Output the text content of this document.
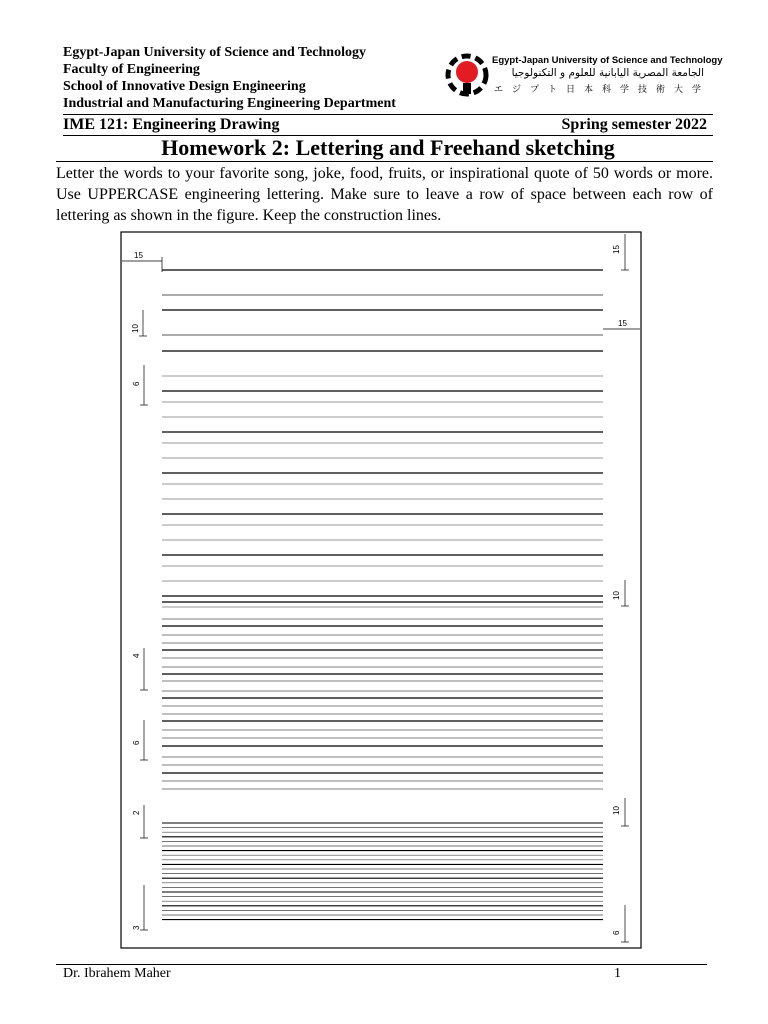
Egypt-Japan University of Science and Technology
Faculty of Engineering
School of Innovative Design Engineering
Industrial and Manufacturing Engineering Department
Egypt-Japan University of Science and Technology
الجامعة المصرية اليابانية للعلوم و التكنولوجيا
エジプト日本科学技術大学
IME 121: Engineering Drawing	Spring semester 2022
Homework 2: Lettering and Freehand sketching
Letter the words to your favorite song, joke, food, fruits, or inspirational quote of 50 words or more. Use UPPERCASE engineering lettering. Make sure to leave a row of space between each row of lettering as shown in the figure. Keep the construction lines.
15
15
10
15
6
10
4
6
2	10
3
6
Dr. Ibrahem Maher	1
